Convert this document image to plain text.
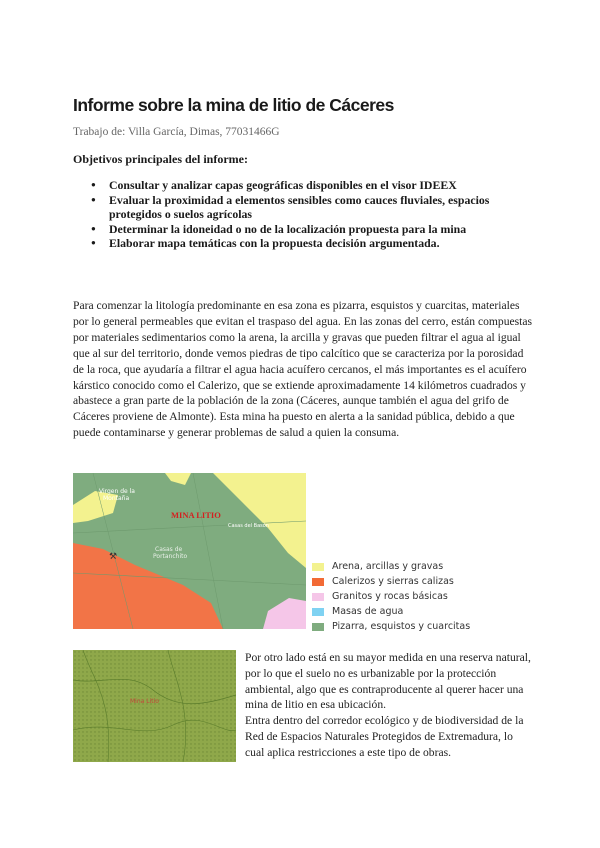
Informe sobre la mina de litio de Cáceres
Trabajo de: Villa García, Dimas, 77031466G
Objetivos principales del informe:
● Consultar y analizar capas geográficas disponibles en el visor IDEEX
● Evaluar la proximidad a elementos sensibles como cauces fluviales, espacios protegidos o suelos agrícolas
● Determinar la idoneidad o no de la localización propuesta para la mina
● Elaborar mapa temáticas con la propuesta decisión argumentada.

Para comenzar la litología predominante en esa zona es pizarra, esquistos y cuarcitas, materiales por lo general permeables que evitan el traspaso del agua. En las zonas del cerro, están compuestas por materiales sedimentarios como la arena, la arcilla y gravas que pueden filtrar el agua al igual que al sur del territorio, donde vemos piedras de tipo calcítico que se caracteriza por la porosidad de la roca, que ayudaría a filtrar el agua hacia acuífero cercanos, el más importantes es el acuífero kárstico conocido como el Calerizo, que se extiende aproximadamente 14 kilómetros cuadrados y abastece a gran parte de la población de la zona (Cáceres, aunque también el agua del grifo de Cáceres proviene de Almonte). Esta mina ha puesto en alerta a la sanidad pública, debido a que puede contaminarse y generar problemas de salud a quien la consuma.

Virgen de la
Montaña
MINA LITIO
Casas del Basón
Casas de
Portanchito
⚒
Arena, arcillas y gravas
Calerizos y sierras calizas
Granitos y rocas básicas
Masas de agua
Pizarra, esquistos y cuarcitas
Mina Litio

Por otro lado está en su mayor medida en una reserva natural, por lo que el suelo no es urbanizable por la protección ambiental, algo que es contraproducente al querer hacer una mina de litio en esa ubicación.
Entra dentro del corredor ecológico y de biodiversidad de la Red de Espacios Naturales Protegidos de Extremadura, lo cual aplica restricciones a este tipo de obras.
